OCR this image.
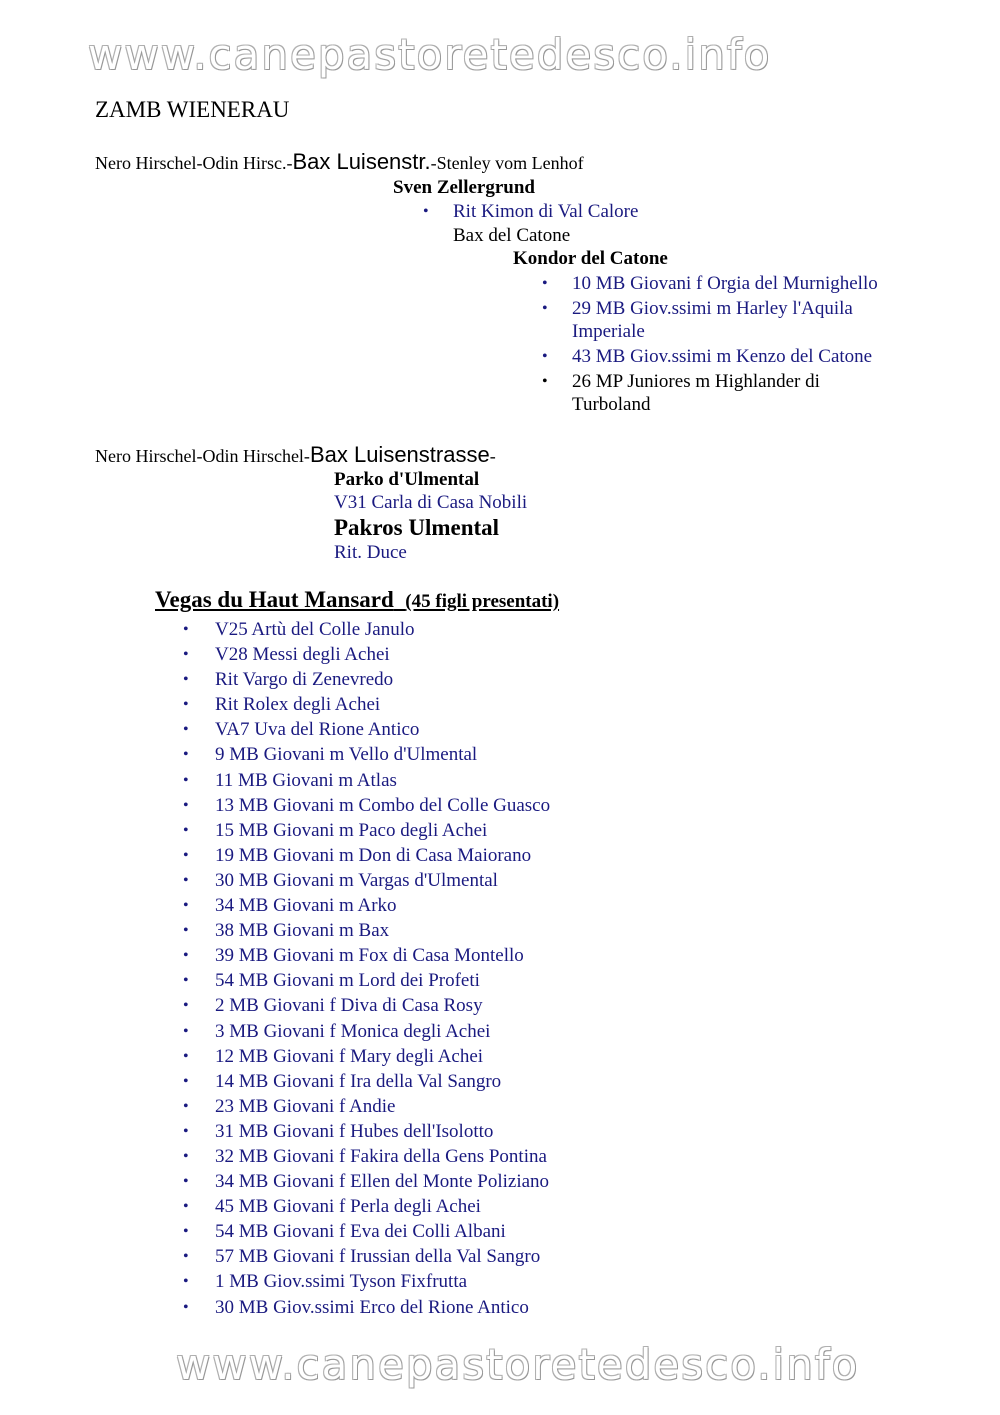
www.canepastoretedesco.info
ZAMB WIENERAU
Nero Hirschel-Odin Hirsc.-Bax Luisenstr.-Stenley vom Lenhof
Sven Zellergrund
• Rit Kimon di Val Calore
Bax del Catone
Kondor del Catone
• 10 MB Giovani f Orgia del Murnighello
• 29 MB Giov.ssimi m Harley l'Aquila
Imperiale
• 43 MB Giov.ssimi m Kenzo del Catone
• 26 MP Juniores m Highlander di
Turboland
Nero Hirschel-Odin Hirschel-Bax Luisenstrasse-
Parko d'Ulmental
V31 Carla di Casa Nobili
Pakros Ulmental
Rit. Duce
Vegas du Haut Mansard (45 figli presentati)
• V25 Artù del Colle Janulo
• V28 Messi degli Achei
• Rit Vargo di Zenevredo
• Rit Rolex degli Achei
• VA7 Uva del Rione Antico
• 9 MB Giovani m Vello d'Ulmental
• 11 MB Giovani m Atlas
• 13 MB Giovani m Combo del Colle Guasco
• 15 MB Giovani m Paco degli Achei
• 19 MB Giovani m Don di Casa Maiorano
• 30 MB Giovani m Vargas d'Ulmental
• 34 MB Giovani m Arko
• 38 MB Giovani m Bax
• 39 MB Giovani m Fox di Casa Montello
• 54 MB Giovani m Lord dei Profeti
• 2 MB Giovani f Diva di Casa Rosy
• 3 MB Giovani f Monica degli Achei
• 12 MB Giovani f Mary degli Achei
• 14 MB Giovani f Ira della Val Sangro
• 23 MB Giovani f Andie
• 31 MB Giovani f Hubes dell'Isolotto
• 32 MB Giovani f Fakira della Gens Pontina
• 34 MB Giovani f Ellen del Monte Poliziano
• 45 MB Giovani f Perla degli Achei
• 54 MB Giovani f Eva dei Colli Albani
• 57 MB Giovani f Irussian della Val Sangro
• 1 MB Giov.ssimi Tyson Fixfrutta
• 30 MB Giov.ssimi Erco del Rione Antico
www.canepastoretedesco.info
